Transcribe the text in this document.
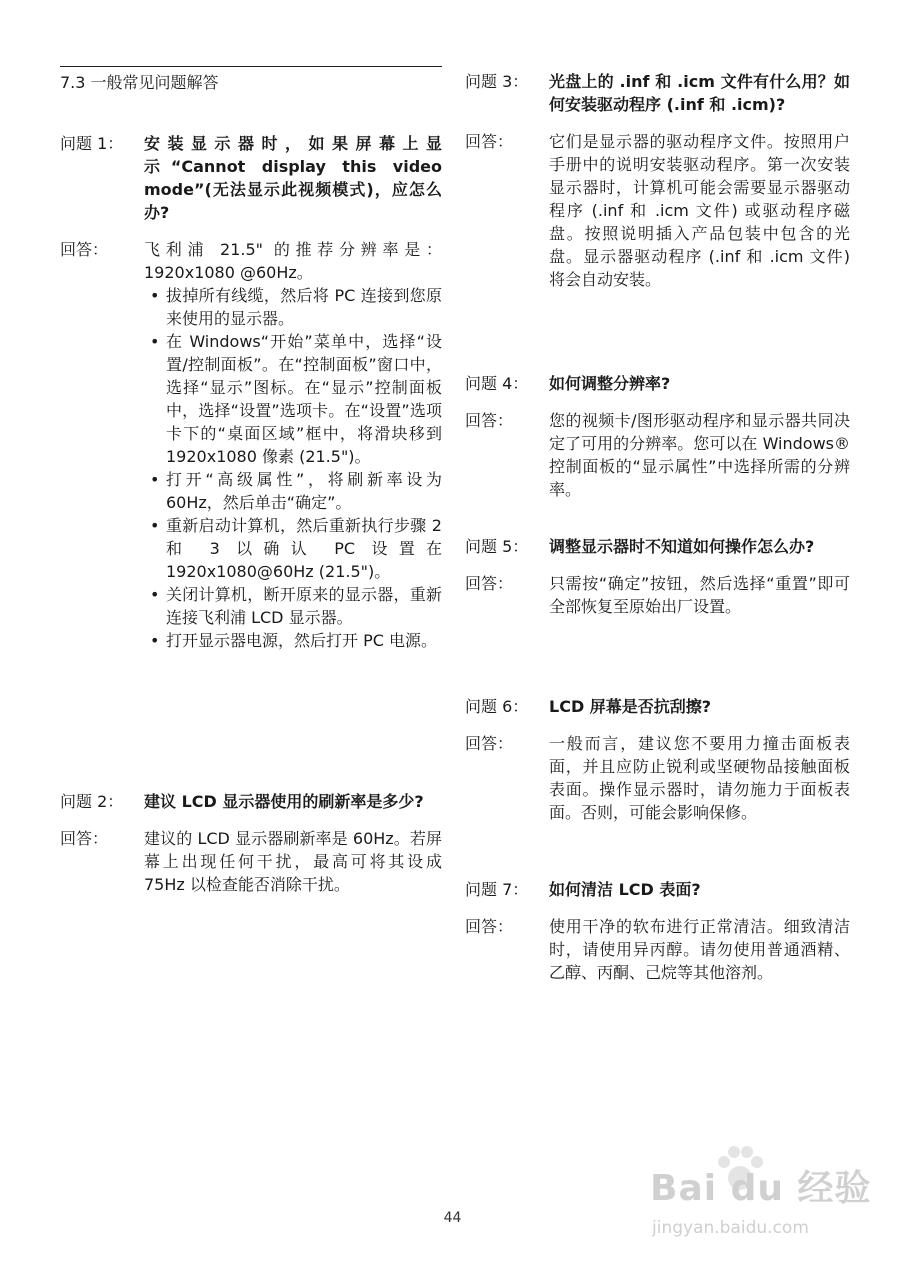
7.3 一般常见问题解答
问题 1：	安装显示器时，如果屏幕上显示“Cannot display this video mode”(无法显示此视频模式)，应怎么办?
回答：	飞利浦 21.5" 的推荐分辨率是：1920x1080 @60Hz。
• 拔掉所有线缆，然后将 PC 连接到您原来使用的显示器。
• 在 Windows“开始”菜单中，选择“设置/控制面板”。在“控制面板”窗口中，选择“显示”图标。在“显示”控制面板中，选择“设置”选项卡。在“设置”选项卡下的“桌面区域”框中，将滑块移到 1920x1080 像素 (21.5")。
• 打开“高级属性”，将刷新率设为 60Hz，然后单击“确定”。
• 重新启动计算机，然后重新执行步骤 2 和 3 以确认 PC 设置在 1920x1080@60Hz (21.5")。
• 关闭计算机，断开原来的显示器，重新连接飞利浦 LCD 显示器。
• 打开显示器电源，然后打开 PC 电源。
问题 2：	建议 LCD 显示器使用的刷新率是多少?
回答：	建议的 LCD 显示器刷新率是 60Hz。若屏幕上出现任何干扰，最高可将其设成 75Hz 以检查能否消除干扰。
问题 3：	光盘上的 .inf 和 .icm 文件有什么用？如何安装驱动程序 (.inf 和 .icm)?
回答：	它们是显示器的驱动程序文件。按照用户手册中的说明安装驱动程序。第一次安装显示器时，计算机可能会需要显示器驱动程序 (.inf 和 .icm 文件) 或驱动程序磁盘。按照说明插入产品包装中包含的光盘。显示器驱动程序 (.inf 和 .icm 文件) 将会自动安装。
问题 4：	如何调整分辨率?
回答：	您的视频卡/图形驱动程序和显示器共同决定了可用的分辨率。您可以在 Windows® 控制面板的“显示属性”中选择所需的分辨率。
问题 5：	调整显示器时不知道如何操作怎么办?
回答：	只需按“确定”按钮，然后选择“重置”即可全部恢复至原始出厂设置。
问题 6：	LCD 屏幕是否抗刮擦?
回答：	一般而言，建议您不要用力撞击面板表面，并且应防止锐利或坚硬物品接触面板表面。操作显示器时，请勿施力于面板表面。否则，可能会影响保修。
问题 7：	如何清洁 LCD 表面?
回答：	使用干净的软布进行正常清洁。细致清洁时，请使用异丙醇。请勿使用普通酒精、乙醇、丙酮、己烷等其他溶剂。
44
Bai du 经验
jingyan.baidu.com
